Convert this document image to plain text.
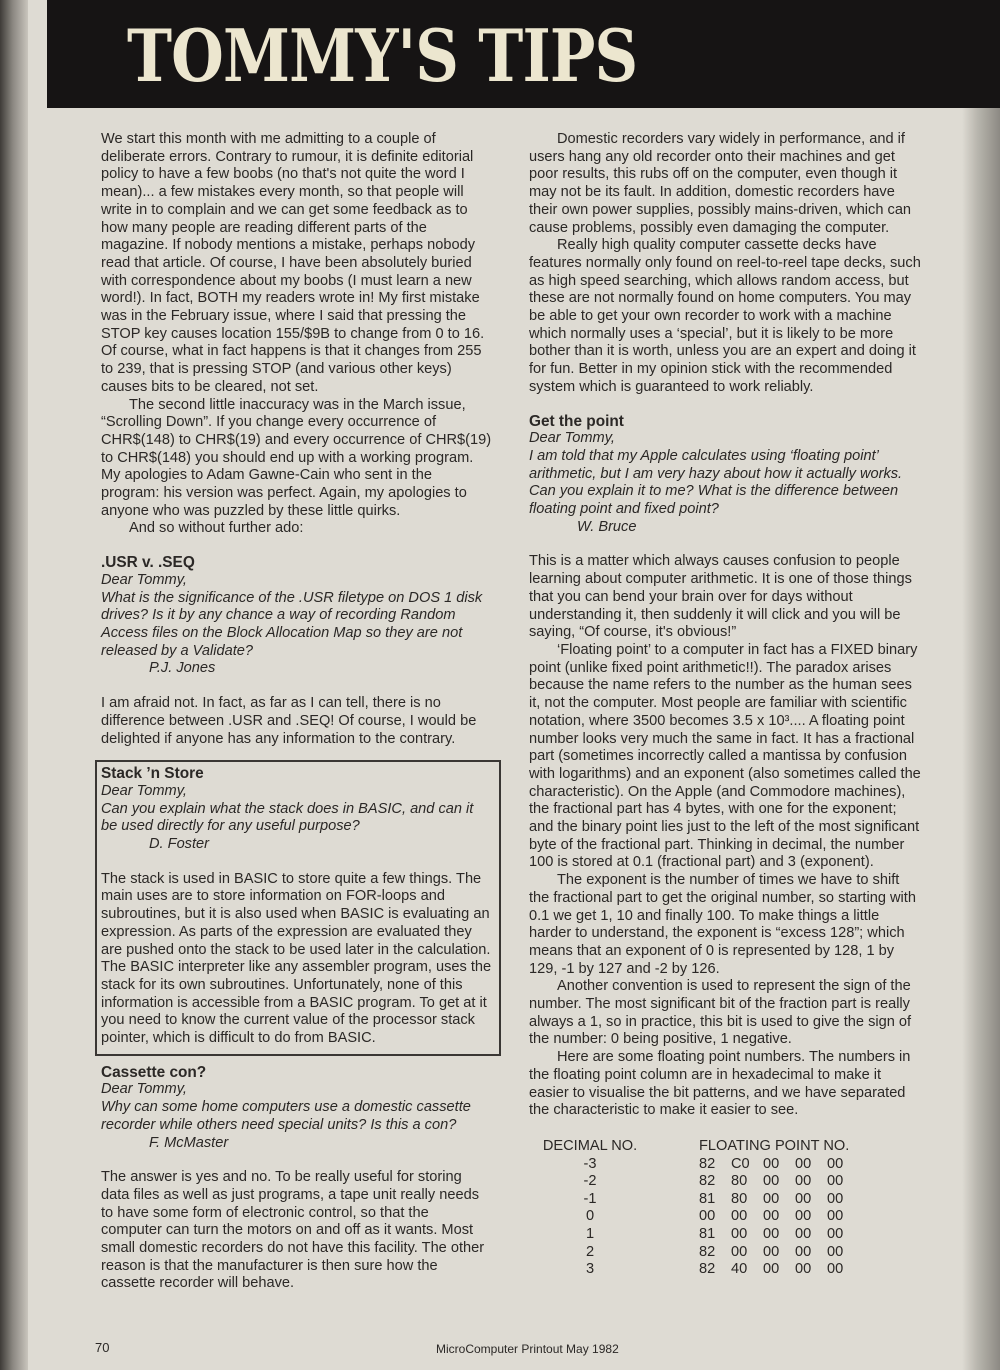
TOMMY'S TIPS

We start this month with me admitting to a couple of deliberate errors. Contrary to rumour, it is definite editorial policy to have a few boobs (no that's not quite the word I mean)... a few mistakes every month, so that people will write in to complain and we can get some feedback as to how many people are reading different parts of the magazine. If nobody mentions a mistake, perhaps nobody read that article. Of course, I have been absolutely buried with correspondence about my boobs (I must learn a new word!). In fact, BOTH my readers wrote in! My first mistake was in the February issue, where I said that pressing the STOP key causes location 155/$9B to change from 0 to 16. Of course, what in fact happens is that it changes from 255 to 239, that is pressing STOP (and various other keys) causes bits to be cleared, not set.

The second little inaccuracy was in the March issue, “Scrolling Down”. If you change every occurrence of CHR$(148) to CHR$(19) and every occurrence of CHR$(19) to CHR$(148) you should end up with a working program. My apologies to Adam Gawne-Cain who sent in the program: his version was perfect. Again, my apologies to anyone who was puzzled by these little quirks.

And so without further ado:

.USR v. .SEQ

Dear Tommy,

What is the significance of the .USR filetype on DOS 1 disk drives? Is it by any chance a way of recording Random Access files on the Block Allocation Map so they are not released by a Validate?

P.J. Jones

I am afraid not. In fact, as far as I can tell, there is no difference between .USR and .SEQ! Of course, I would be delighted if anyone has any information to the contrary.

Stack ’n Store

Dear Tommy,

Can you explain what the stack does in BASIC, and can it be used directly for any useful purpose?

D. Foster

The stack is used in BASIC to store quite a few things. The main uses are to store information on FOR-loops and subroutines, but it is also used when BASIC is evaluating an expression. As parts of the expression are evaluated they are pushed onto the stack to be used later in the calculation. The BASIC interpreter like any assembler program, uses the stack for its own subroutines. Unfortunately, none of this information is accessible from a BASIC program. To get at it you need to know the current value of the processor stack pointer, which is difficult to do from BASIC.

Cassette con?

Dear Tommy,

Why can some home computers use a domestic cassette recorder while others need special units? Is this a con?

F. McMaster

The answer is yes and no. To be really useful for storing data files as well as just programs, a tape unit really needs to have some form of electronic control, so that the computer can turn the motors on and off as it wants. Most small domestic recorders do not have this facility. The other reason is that the manufacturer is then sure how the cassette recorder will behave.

Domestic recorders vary widely in performance, and if users hang any old recorder onto their machines and get poor results, this rubs off on the computer, even though it may not be its fault. In addition, domestic recorders have their own power supplies, possibly mains-driven, which can cause problems, possibly even damaging the computer.

Really high quality computer cassette decks have features normally only found on reel-to-reel tape decks, such as high speed searching, which allows random access, but these are not normally found on home computers. You may be able to get your own recorder to work with a machine which normally uses a ‘special’, but it is likely to be more bother than it is worth, unless you are an expert and doing it for fun. Better in my opinion stick with the recommended system which is guaranteed to work reliably.

Get the point

Dear Tommy,

I am told that my Apple calculates using ‘floating point’ arithmetic, but I am very hazy about how it actually works. Can you explain it to me? What is the difference between floating point and fixed point?

W. Bruce

This is a matter which always causes confusion to people learning about computer arithmetic. It is one of those things that you can bend your brain over for days without understanding it, then suddenly it will click and you will be saying, “Of course, it's obvious!”

‘Floating point’ to a computer in fact has a FIXED binary point (unlike fixed point arithmetic!!). The paradox arises because the name refers to the number as the human sees it, not the computer. Most people are familiar with scientific notation, where 3500 becomes 3.5 x 10³.... A floating point number looks very much the same in fact. It has a fractional part (sometimes incorrectly called a mantissa by confusion with logarithms) and an exponent (also sometimes called the characteristic). On the Apple (and Commodore machines), the fractional part has 4 bytes, with one for the exponent; and the binary point lies just to the left of the most significant byte of the fractional part. Thinking in decimal, the number 100 is stored at 0.1 (fractional part) and 3 (exponent).

The exponent is the number of times we have to shift the fractional part to get the original number, so starting with 0.1 we get 1, 10 and finally 100. To make things a little harder to understand, the exponent is “excess 128”; which means that an exponent of 0 is represented by 128, 1 by 129, -1 by 127 and -2 by 126.

Another convention is used to represent the sign of the number. The most significant bit of the fraction part is really always a 1, so in practice, this bit is used to give the sign of the number: 0 being positive, 1 negative.

Here are some floating point numbers. The numbers in the floating point column are in hexadecimal to make it easier to visualise the bit patterns, and we have separated the characteristic to make it easier to see.

DECIMAL NO.		FLOATING POINT NO.				
-3		82	C0	00	00	00
-2		82	80	00	00	00
-1		81	80	00	00	00
0		00	00	00	00	00
1		81	00	00	00	00
2		82	00	00	00	00
3		82	40	00	00	00
70	MicroComputer Printout May 1982
